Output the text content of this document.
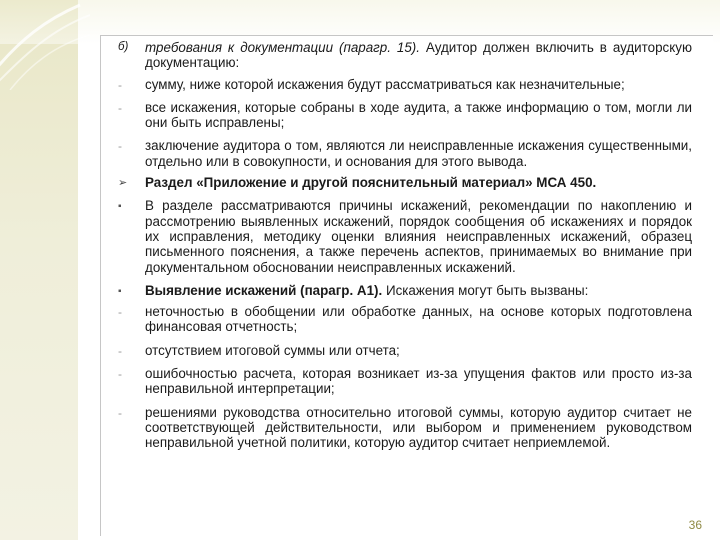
б)	требования к документации (парагр. 15). Аудитор должен включить в аудиторскую документацию:
-	сумму, ниже которой искажения будут рассматриваться как незначительные;
-	все искажения, которые собраны в ходе аудита, а также информацию о том, могли ли они быть исправлены;
-	заключение аудитора о том, являются ли неисправленные искажения существенными, отдельно или в совокупности, и основания для этого вывода.
➢	Раздел «Приложение и другой пояснительный материал» МСА 450.
▪	В разделе рассматриваются причины искажений, рекомендации по накоплению и рассмотрению выявленных искажений, порядок сообщения об искажениях и порядок их исправления, методику оценки влияния неисправленных искажений, образец письменного пояснения, а также перечень аспектов, принимаемых во внимание при документальном обосновании неисправленных искажений.
▪	Выявление искажений (парагр. А1). Искажения могут быть вызваны:
-	неточностью в обобщении или обработке данных, на основе которых подготовлена финансовая отчетность;
-	отсутствием итоговой суммы или отчета;
-	ошибочностью расчета, которая возникает из-за упущения фактов или просто из-за неправильной интерпретации;
-	решениями руководства относительно итоговой суммы, которую аудитор считает не соответствующей действительности, или выбором и применением руководством неправильной учетной политики, которую аудитор считает неприемлемой.
36
